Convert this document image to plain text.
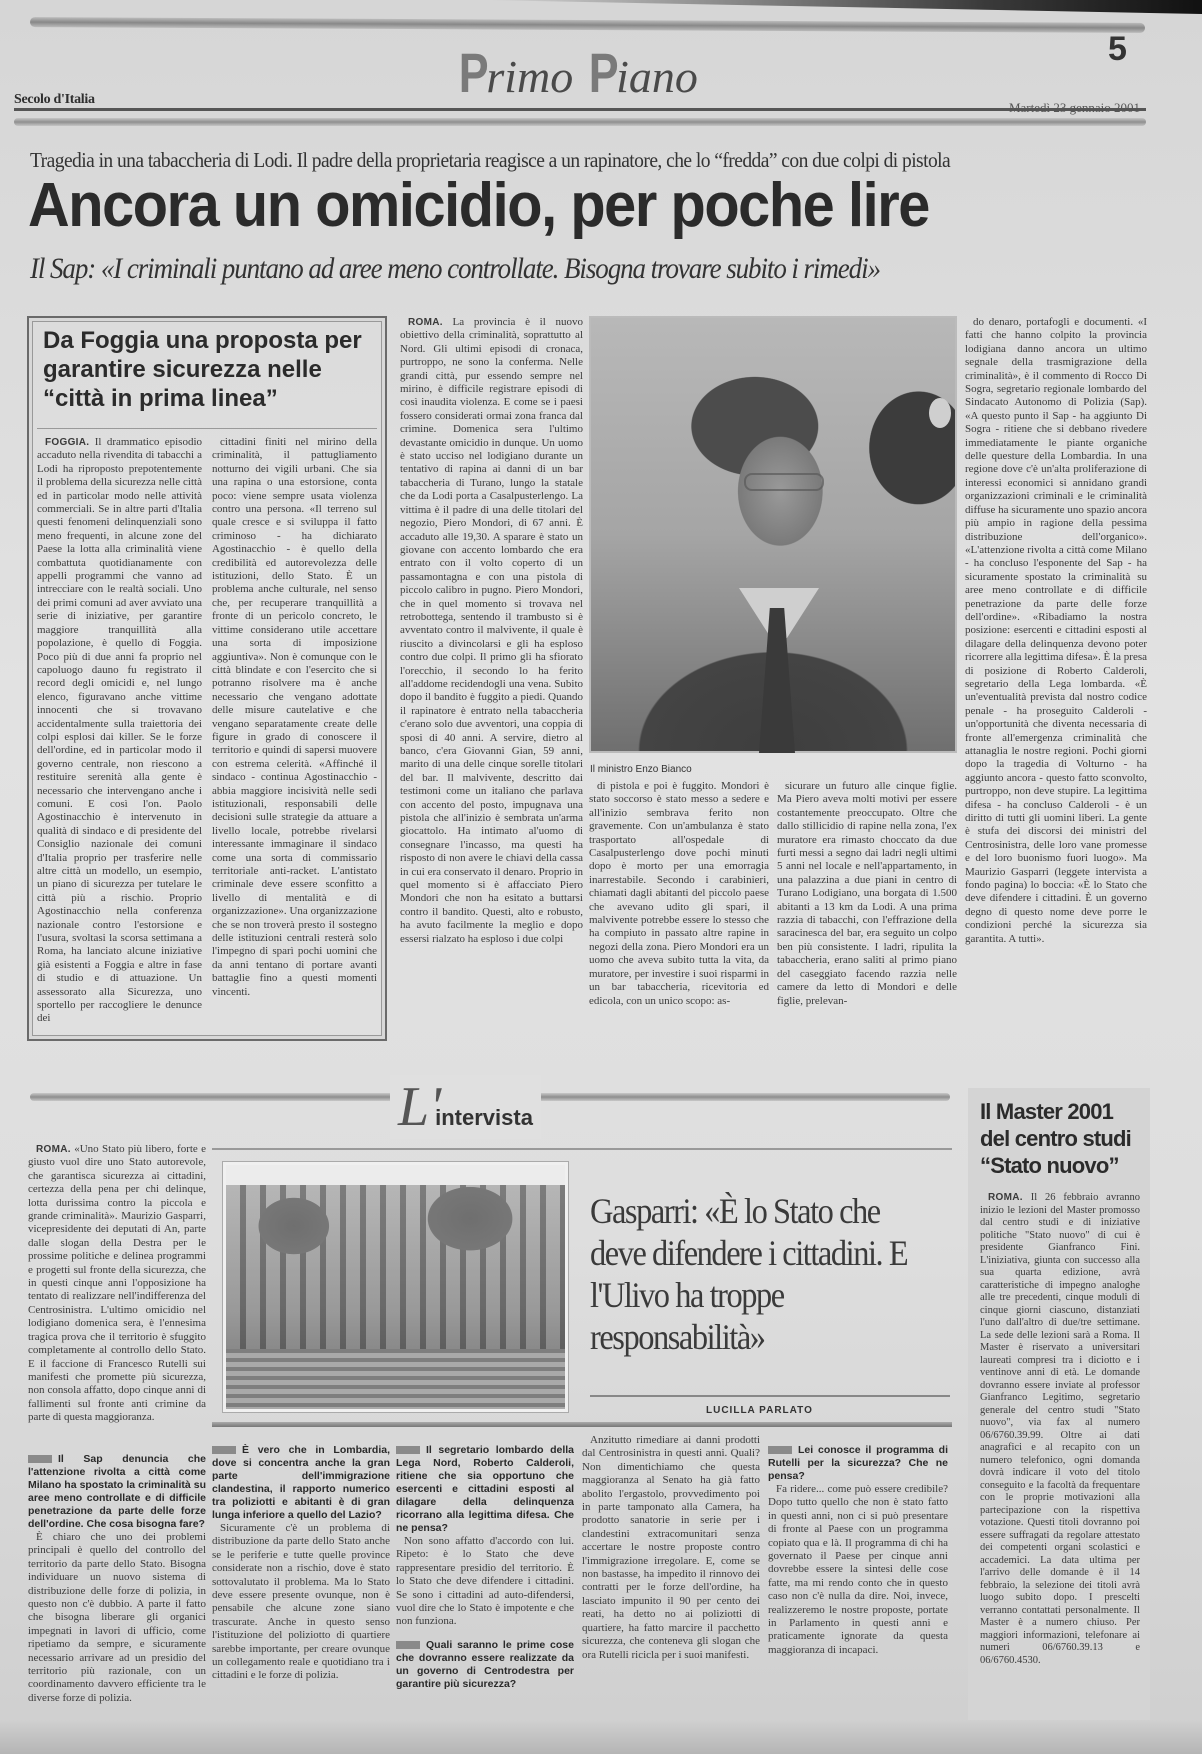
Primo Piano
5
Secolo d'Italia
Martedì 23 gennaio 2001
Tragedia in una tabaccheria di Lodi. Il padre della proprietaria reagisce a un rapinatore, che lo “fredda” con due colpi di pistola
Ancora un omicidio, per poche lire
Il Sap: «I criminali puntano ad aree meno controllate. Bisogna trovare subito i rimedi»
Da Foggia una proposta per garantire sicurezza nelle “città in prima linea”

FOGGIA. Il drammatico episodio accaduto nella rivendita di tabacchi a Lodi ha riproposto prepotentemente il problema della sicurezza nelle città ed in particolar modo nelle attività commerciali. Se in altre parti d'Italia questi fenomeni delinquenziali sono meno frequenti, in alcune zone del Paese la lotta alla criminalità viene combattuta quotidianamente con appelli programmi che vanno ad intrecciare con le realtà sociali. Uno dei primi comuni ad aver avviato una serie di iniziative, per garantire maggiore tranquillità alla popolazione, è quello di Foggia. Poco più di due anni fa proprio nel capoluogo dauno fu registrato il record degli omicidi e, nel lungo elenco, figuravano anche vittime innocenti che si trovavano accidentalmente sulla traiettoria dei colpi esplosi dai killer. Se le forze dell'ordine, ed in particolar modo il governo centrale, non riescono a restituire serenità alla gente è necessario che intervengano anche i comuni. E così l'on. Paolo Agostinacchio è intervenuto in qualità di sindaco e di presidente del Consiglio nazionale dei comuni d'Italia proprio per trasferire nelle altre città un modello, un esempio, un piano di sicurezza per tutelare le città più a rischio. Proprio Agostinacchio nella conferenza nazionale contro l'estorsione e l'usura, svoltasi la scorsa settimana a Roma, ha lanciato alcune iniziative già esistenti a Foggia e altre in fase di studio e di attuazione. Un assessorato alla Sicurezza, uno sportello per raccogliere le denunce dei

cittadini finiti nel mirino della criminalità, il pattugliamento notturno dei vigili urbani. Che sia una rapina o una estorsione, conta poco: viene sempre usata violenza contro una persona. «Il terreno sul quale cresce e si sviluppa il fatto criminoso - ha dichiarato Agostinacchio - è quello della credibilità ed autorevolezza delle istituzioni, dello Stato. È un problema anche culturale, nel senso che, per recuperare tranquillità a fronte di un pericolo concreto, le vittime considerano utile accettare una sorta di imposizione aggiuntiva». Non è comunque con le città blindate e con l'esercito che si potranno risolvere ma è anche necessario che vengano adottate delle misure cautelative e che vengano separatamente create delle figure in grado di conoscere il territorio e quindi di sapersi muovere con estrema celerità. «Affinché il sindaco - continua Agostinacchio - abbia maggiore incisività nelle sedi istituzionali, responsabili delle decisioni sulle strategie da attuare a livello locale, potrebbe rivelarsi interessante immaginare il sindaco come una sorta di commissario territoriale anti-racket. L'antistato criminale deve essere sconfitto a livello di mentalità e di organizzazione». Una organizzazione che se non troverà presto il sostegno delle istituzioni centrali resterà solo l'impegno di sparì pochi uomini che da anni tentano di portare avanti battaglie fino a questi momenti vincenti.

ROMA. La provincia è il nuovo obiettivo della criminalità, soprattutto al Nord. Gli ultimi episodi di cronaca, purtroppo, ne sono la conferma. Nelle grandi città, pur essendo sempre nel mirino, è difficile registrare episodi di così inaudita violenza. E come se i paesi fossero considerati ormai zona franca dal crimine. Domenica sera l'ultimo devastante omicidio in dunque. Un uomo è stato ucciso nel lodigiano durante un tentativo di rapina ai danni di un bar tabaccheria di Turano, lungo la statale che da Lodi porta a Casalpusterlengo. La vittima è il padre di una delle titolari del negozio, Piero Mondori, di 67 anni. È accaduto alle 19,30. A sparare è stato un giovane con accento lombardo che era entrato con il volto coperto di un passamontagna e con una pistola di piccolo calibro in pugno. Piero Mondori, che in quel momento si trovava nel retrobottega, sentendo il trambusto si è avventato contro il malvivente, il quale è riuscito a divincolarsi e gli ha esploso contro due colpi. Il primo gli ha sfiorato l'orecchio, il secondo lo ha ferito all'addome recidendogli una vena. Subito dopo il bandito è fuggito a piedi. Quando il rapinatore è entrato nella tabaccheria c'erano solo due avventori, una coppia di sposi di 40 anni. A servire, dietro al banco, c'era Giovanni Gian, 59 anni, marito di una delle cinque sorelle titolari del bar. Il malvivente, descritto dai testimoni come un italiano che parlava con accento del posto, impugnava una pistola che all'inizio è sembrata un'arma giocattolo. Ha intimato al'uomo di consegnare l'incasso, ma questi ha risposto di non avere le chiavi della cassa in cui era conservato il denaro. Proprio in quel momento si è affacciato Piero Mondori che non ha esitato a buttarsi contro il bandito. Questi, alto e robusto, ha avuto facilmente la meglio e dopo essersi rialzato ha esploso i due colpi

Il ministro Enzo Bianco

di pistola e poi è fuggito. Mondori è stato soccorso è stato messo a sedere e all'inizio sembrava ferito non gravemente. Con un'ambulanza è stato trasportato all'ospedale di Casalpusterlengo dove pochi minuti dopo è morto per una emorragia inarrestabile. Secondo i carabinieri, chiamati dagli abitanti del piccolo paese che avevano udito gli spari, il malvivente potrebbe essere lo stesso che ha compiuto in passato altre rapine in negozi della zona. Piero Mondori era un uomo che aveva subito tutta la vita, da muratore, per investire i suoi risparmi in un bar tabaccheria, ricevitoria ed edicola, con un unico scopo: as-

sicurare un futuro alle cinque figlie. Ma Piero aveva molti motivi per essere costantemente preoccupato. Oltre che dallo stillicidio di rapine nella zona, l'ex muratore era rimasto choccato da due furti messi a segno dai ladri negli ultimi 5 anni nel locale e nell'appartamento, in una palazzina a due piani in centro di Turano Lodigiano, una borgata di 1.500 abitanti a 13 km da Lodi. A una prima razzia di tabacchi, con l'effrazione della saracinesca del bar, era seguito un colpo ben più consistente. I ladri, ripulita la tabaccheria, erano saliti al primo piano del caseggiato facendo razzia nelle camere da letto di Mondori e delle figlie, prelevan-

do denaro, portafogli e documenti. «I fatti che hanno colpito la provincia lodigiana danno ancora un ultimo segnale della trasmigrazione della criminalità», è il commento di Rocco Di Sogra, segretario regionale lombardo del Sindacato Autonomo di Polizia (Sap). «A questo punto il Sap - ha aggiunto Di Sogra - ritiene che si debbano rivedere immediatamente le piante organiche delle questure della Lombardia. In una regione dove c'è un'alta proliferazione di interessi economici si annidano grandi organizzazioni criminali e le criminalità diffuse ha sicuramente uno spazio ancora più ampio in ragione della pessima distribuzione dell'organico». «L'attenzione rivolta a città come Milano - ha concluso l'esponente del Sap - ha sicuramente spostato la criminalità su aree meno controllate e di difficile penetrazione da parte delle forze dell'ordine». «Ribadiamo la nostra posizione: esercenti e cittadini esposti al dilagare della delinquenza devono poter ricorrere alla legittima difesa». È la presa di posizione di Roberto Calderoli, segretario della Lega lombarda. «È un'eventualità prevista dal nostro codice penale - ha proseguito Calderoli - un'opportunità che diventa necessaria di fronte all'emergenza criminalità che attanaglia le nostre regioni. Pochi giorni dopo la tragedia di Volturno - ha aggiunto ancora - questo fatto sconvolto, purtroppo, non deve stupire. La legittima difesa - ha concluso Calderoli - è un diritto di tutti gli uomini liberi. La gente è stufa dei discorsi dei ministri del Centrosinistra, delle loro vane promesse e del loro buonismo fuori luogo». Ma Maurizio Gasparri (leggete intervista a fondo pagina) lo boccia: «È lo Stato che deve difendere i cittadini. È un governo degno di questo nome deve porre le condizioni perché la sicurezza sia garantita. A tutti».

L'intervista

ROMA. «Uno Stato più libero, forte e giusto vuol dire uno Stato autorevole, che garantisca sicurezza ai cittadini, certezza della pena per chi delinque, lotta durissima contro la piccola e grande criminalità». Maurizio Gasparri, vicepresidente dei deputati di An, parte dalle slogan della Destra per le prossime politiche e delinea programmi e progetti sul fronte della sicurezza, che in questi cinque anni l'opposizione ha tentato di realizzare nell'indifferenza del Centrosinistra. L'ultimo omicidio nel lodigiano domenica sera, è l'ennesima tragica prova che il territorio è sfuggito completamente al controllo dello Stato. E il faccione di Francesco Rutelli sui manifesti che promette più sicurezza, non consola affatto, dopo cinque anni di fallimenti sul fronte anti crimine da parte di questa maggioranza.

Gasparri: «È lo Stato che deve difendere i cittadini. E l'Ulivo ha troppe responsabilità»
LUCILLA PARLATO

Il Sap denuncia che l'attenzione rivolta a città come Milano ha spostato la criminalità su aree meno controllate e di difficile penetrazione da parte delle forze dell'ordine. Che cosa bisogna fare?

È chiaro che uno dei problemi principali è quello del controllo del territorio da parte dello Stato. Bisogna individuare un nuovo sistema di distribuzione delle forze di polizia, in questo non c'è dubbio. A parte il fatto che bisogna liberare gli organici impegnati in lavori di ufficio, come ripetiamo da sempre, e sicuramente necessario arrivare ad un presidio del territorio più razionale, con un coordinamento davvero efficiente tra le diverse forze di polizia.

È vero che in Lombardia, dove si concentra anche la gran parte dell'immigrazione clandestina, il rapporto numerico tra poliziotti e abitanti è di gran lunga inferiore a quello del Lazio?

Sicuramente c'è un problema di distribuzione da parte dello Stato anche se le periferie e tutte quelle province considerate non a rischio, dove è stato sottovalutato il problema. Ma lo Stato deve essere presente ovunque, non è pensabile che alcune zone siano trascurate. Anche in questo senso l'istituzione del poliziotto di quartiere sarebbe importante, per creare ovunque un collegamento reale e quotidiano tra i cittadini e le forze di polizia.

Il segretario lombardo della Lega Nord, Roberto Calderoli, ritiene che sia opportuno che esercenti e cittadini esposti al dilagare della delinquenza ricorrano alla legittima difesa. Che ne pensa?

Non sono affatto d'accordo con lui. Ripeto: è lo Stato che deve rappresentare presidio del territorio. È lo Stato che deve difendere i cittadini. Se sono i cittadini ad auto-difendersi, vuol dire che lo Stato è impotente e che non funziona.

Quali saranno le prime cose che dovranno essere realizzate da un governo di Centrodestra per garantire più sicurezza?

Anzitutto rimediare ai danni prodotti dal Centrosinistra in questi anni. Quali? Non dimentichiamo che questa maggioranza al Senato ha già fatto abolito l'ergastolo, provvedimento poi in parte tamponato alla Camera, ha prodotto sanatorie in serie per i clandestini extracomunitari senza accertare le nostre proposte contro l'immigrazione irregolare. E, come se non bastasse, ha impedito il rinnovo dei contratti per le forze dell'ordine, ha lasciato impunito il 90 per cento dei reati, ha detto no ai poliziotti di quartiere, ha fatto marcire il pacchetto sicurezza, che conteneva gli slogan che ora Rutelli ricicla per i suoi manifesti.

Lei conosce il programma di Rutelli per la sicurezza? Che ne pensa?

Fa ridere... come può essere credibile? Dopo tutto quello che non è stato fatto in questi anni, non ci si può presentare di fronte al Paese con un programma copiato qua e là. Il programma di chi ha governato il Paese per cinque anni dovrebbe essere la sintesi delle cose fatte, ma mi rendo conto che in questo caso non c'è nulla da dire. Noi, invece, realizzeremo le nostre proposte, portate in Parlamento in questi anni e praticamente ignorate da questa maggioranza di incapaci.

Il Master 2001 del centro studi “Stato nuovo”

ROMA. Il 26 febbraio avranno inizio le lezioni del Master promosso dal centro studi e di iniziative politiche "Stato nuovo" di cui è presidente Gianfranco Fini. L'iniziativa, giunta con successo alla sua quarta edizione, avrà caratteristiche di impegno analoghe alle tre precedenti, cinque moduli di cinque giorni ciascuno, distanziati l'uno dall'altro di due/tre settimane. La sede delle lezioni sarà a Roma. Il Master è riservato a universitari laureati compresi tra i diciotto e i ventinove anni di età. Le domande dovranno essere inviate al professor Gianfranco Legitimo, segretario generale del centro studi "Stato nuovo", via fax al numero 06/6760.39.99. Oltre ai dati anagrafici e al recapito con un numero telefonico, ogni domanda dovrà indicare il voto del titolo conseguito e la facoltà da frequentare con le proprie motivazioni alla partecipazione con la rispettiva votazione. Questi titoli dovranno poi essere suffragati da regolare attestato dei competenti organi scolastici e accademici. La data ultima per l'arrivo delle domande è il 14 febbraio, la selezione dei titoli avrà luogo subito dopo. I prescelti verranno contattati personalmente. Il Master è a numero chiuso. Per maggiori informazioni, telefonare ai numeri 06/6760.39.13 e 06/6760.4530.
